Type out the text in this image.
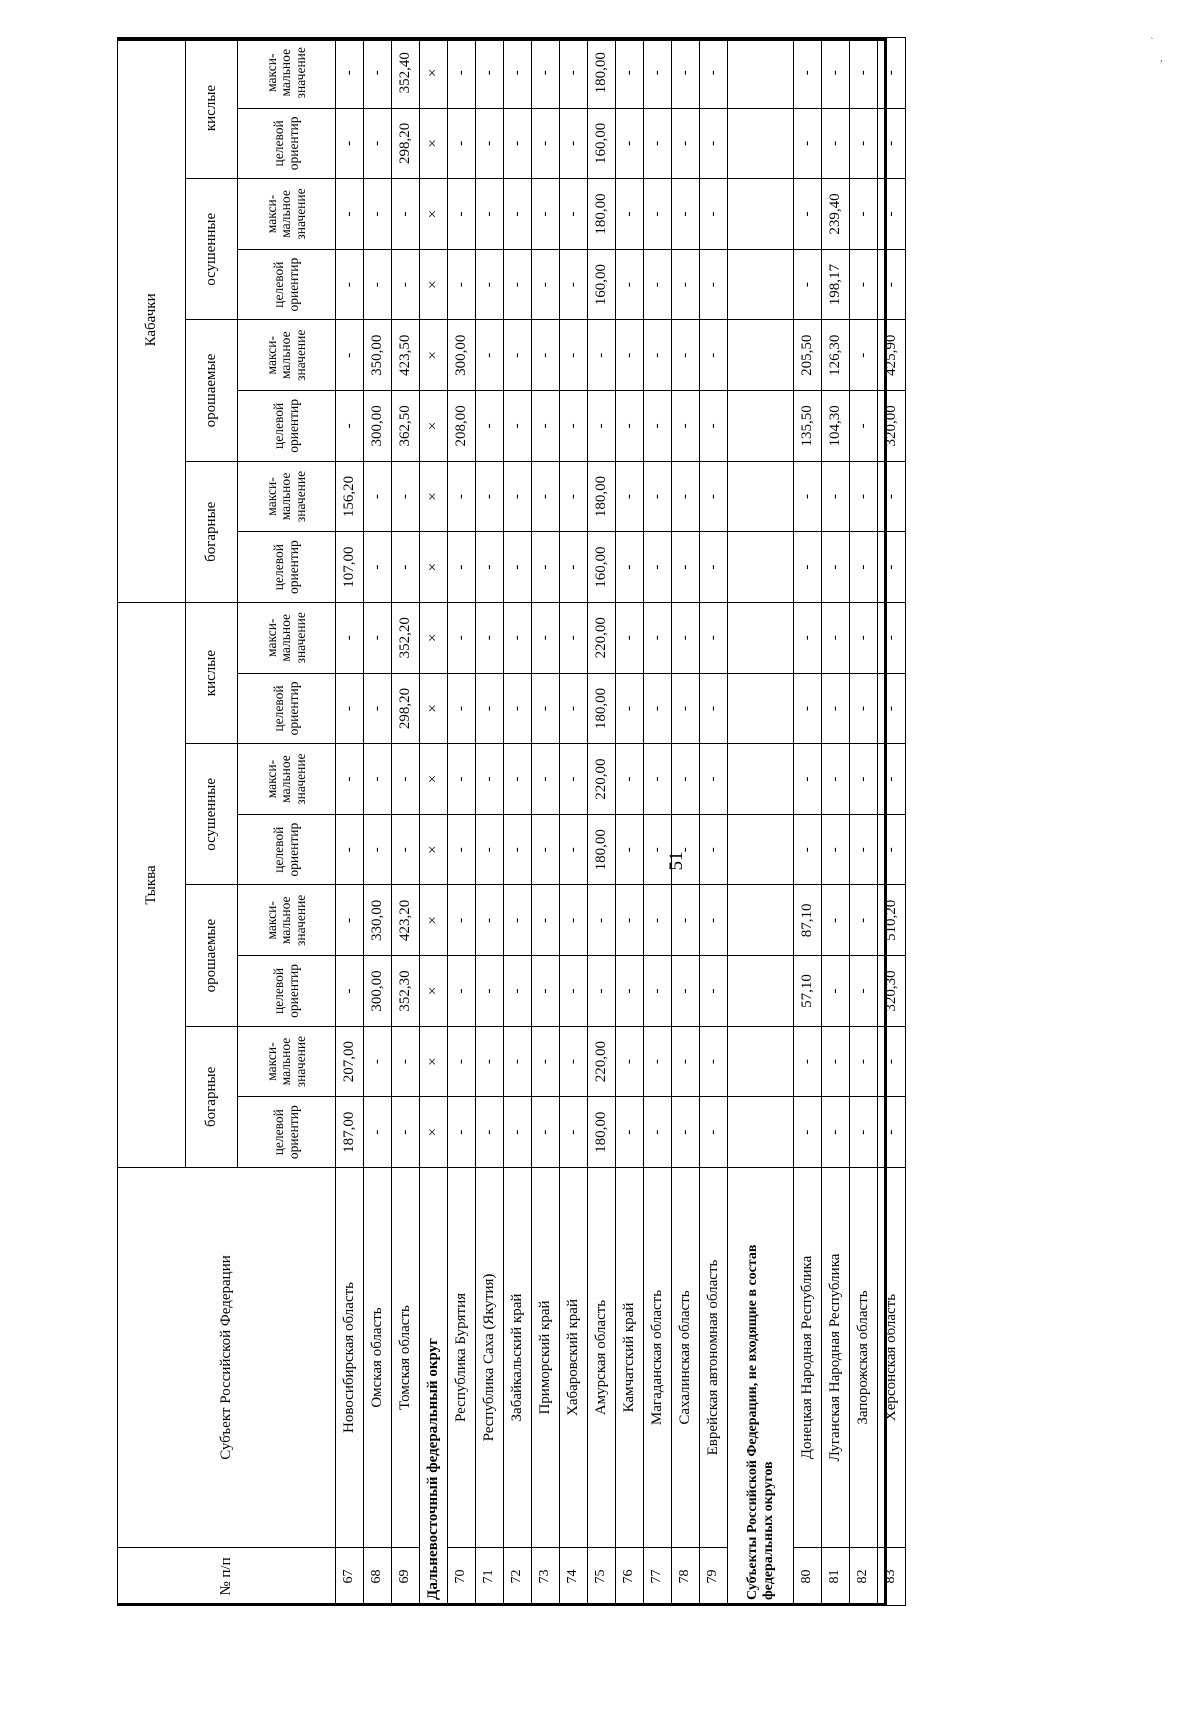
51
№ п/п	Субъект Российской Федерации	Тыква								Кабачки							
		богарные		орошаемые		осушенные		кислые		богарные		орошаемые		осушенные		кислые	
		целевой ориентир	макси-мальное значение	целевой ориентир	макси-мальное значение	целевой ориентир	макси-мальное значение	целевой ориентир	макси-мальное значение	целевой ориентир	макси-мальное значение	целевой ориентир	макси-мальное значение	целевой ориентир	макси-мальное значение	целевой ориентир	макси-мальное значение
67	Новосибирская область	187,00	207,00	-	-	-	-	-	-	107,00	156,20	-	-	-	-	-	-
68	Омская область	-	-	300,00	330,00	-	-	-	-	-	-	300,00	350,00	-	-	-	-
69	Томская область	-	-	352,30	423,20	-	-	298,20	352,20	-	-	362,50	423,50	-	-	298,20	352,40
Дальневосточный федеральный округ		×	×	×	×	×	×	×	×	×	×	×	×	×	×	×	×
70	Республика Бурятия	-	-	-	-	-	-	-	-	-	-	208,00	300,00	-	-	-	-
71	Республика Саха (Якутия)	-	-	-	-	-	-	-	-	-	-	-	-	-	-	-	-
72	Забайкальский край	-	-	-	-	-	-	-	-	-	-	-	-	-	-	-	-
73	Приморский край	-	-	-	-	-	-	-	-	-	-	-	-	-	-	-	-
74	Хабаровский край	-	-	-	-	-	-	-	-	-	-	-	-	-	-	-	-
75	Амурская область	180,00	220,00	-	-	180,00	220,00	180,00	220,00	160,00	180,00	-	-	160,00	180,00	160,00	180,00
76	Камчатский край	-	-	-	-	-	-	-	-	-	-	-	-	-	-	-	-
77	Магаданская область	-	-	-	-	-	-	-	-	-	-	-	-	-	-	-	-
78	Сахалинская область	-	-	-	-	-	-	-	-	-	-	-	-	-	-	-	-
79	Еврейская автономная область	-	-	-	-	-	-	-	-	-	-	-	-	-	-	-	-
Субъекты Российской Федерации, не входящие в состав федеральных округов																	
80	Донецкая Народная Республика	-	-	57,10	87,10	-	-	-	-	-	-	135,50	205,50	-	-	-	-
81	Луганская Народная Республика	-	-	-	-	-	-	-	-	-	-	104,30	126,30	198,17	239,40	-	-
82	Запорожская область	-	-	-	-	-	-	-	-	-	-	-	-	-	-	-	-
83	Херсонская область	-	-	320,30	510,20	-	-	-	-	-	-	320,00	425,90	-	-	-	-
`
,
